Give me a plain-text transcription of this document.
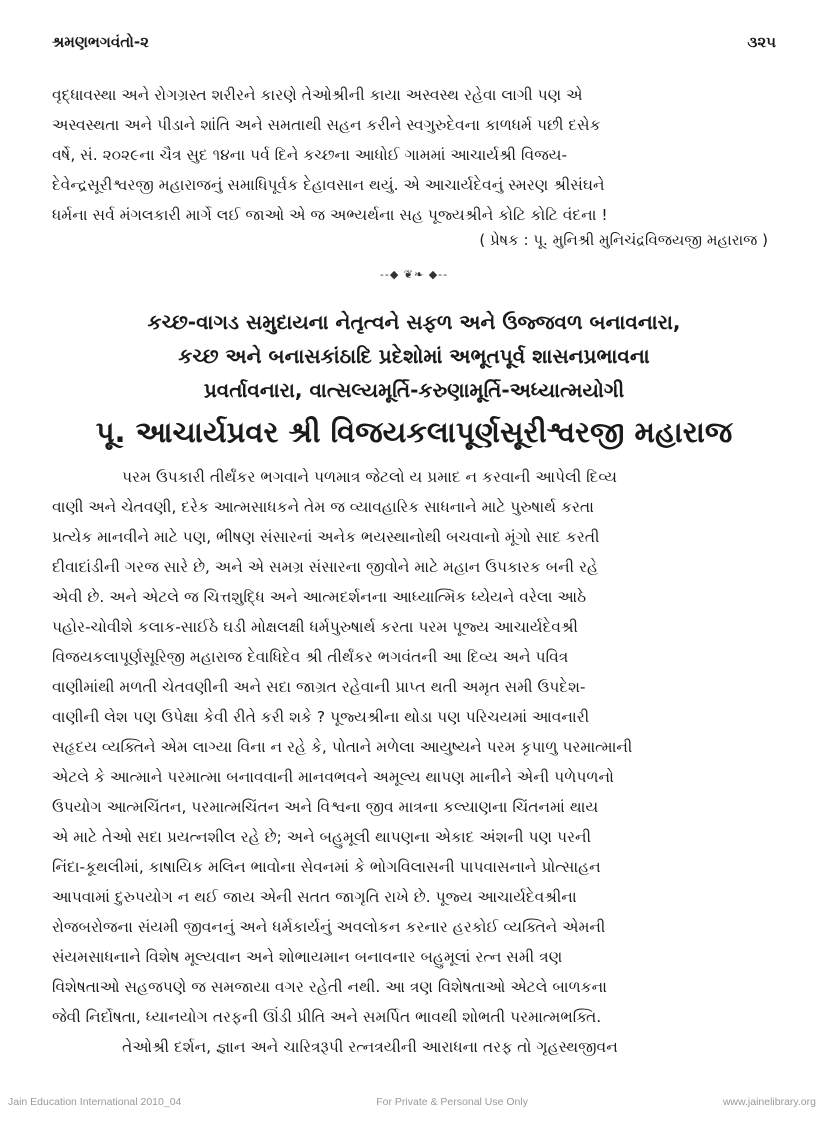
શ્રમણભગવંતો-૨	૩૨૫

વૃદ્ધાવસ્થા અને રોગગ્રસ્ત શરીરને કારણે તેઓશ્રીની કાયા અસ્વસ્થ રહેવા લાગી પણ એ

અસ્વસ્થતા અને પીડાને શાંતિ અને સમતાથી સહન કરીને સ્વગુરુદેવના કાળધર્મ પછી દસેક

વર્ષે, સં. ૨૦૨૯ના ચૈત્ર સુદ ૧૪ના પર્વ દિને કચ્છના આધોઈ ગામમાં આચાર્યશ્રી વિજય-

દેવેન્દ્રસૂરીશ્વરજી મહારાજનું સમાધિપૂર્વક દેહાવસાન થયું. એ આચાર્યદેવનું સ્મરણ શ્રીસંઘને

ધર્મના સર્વ મંગલકારી માર્ગે લઈ જાઓ એ જ અભ્યર્થના સહ પૂજ્યશ્રીને કોટિ કોટિ વંદના !

( પ્રેષક : પૂ. મુનિશ્રી મુનિચંદ્રવિજયજી મહારાજ )
--◆ ❦❧ ◆--
કચ્છ-વાગડ સમુદાયના નેતૃત્વને સફળ અને ઉજ્જવળ બનાવનારા,
કચ્છ અને બનાસકાંઠાદિ પ્રદેશોમાં અભૂતપૂર્વ શાસનપ્રભાવના
પ્રવર્તાવનારા, વાત્સલ્યમૂર્તિ-કરુણામૂર્તિ-અધ્યાત્મયોગી
પૂ. આચાર્યપ્રવર શ્રી વિજયકલાપૂર્ણસૂરીશ્વરજી મહારાજ

પરમ ઉપકારી તીર્થંકર ભગવાને પળમાત્ર જેટલો ય પ્રમાદ ન કરવાની આપેલી દિવ્ય

વાણી અને ચેતવણી, દરેક આત્મસાધકને તેમ જ વ્યાવહારિક સાધનાને માટે પુરુષાર્થ કરતા

પ્રત્યેક માનવીને માટે પણ, ભીષણ સંસારનાં અનેક ભયસ્થાનોથી બચવાનો મૂંગો સાદ કરતી

દીવાદાંડીની ગરજ સારે છે, અને એ સમગ્ર સંસારના જીવોને માટે મહાન ઉપકારક બની રહે

એવી છે. અને એટલે જ ચિત્તશુદ્ધિ અને આત્મદર્શનના આધ્યાત્મિક ધ્યેયને વરેલા આઠે

પહોર-ચોવીશે કલાક-સાઈઠે ઘડી મોક્ષલક્ષી ધર્મપુરુષાર્થ કરતા પરમ પૂજ્ય આચાર્યદેવશ્રી

વિજયકલાપૂર્ણસૂરિજી મહારાજ દેવાધિદેવ શ્રી તીર્થંકર ભગવંતની આ દિવ્ય અને પવિત્ર

વાણીમાંથી મળતી ચેતવણીની અને સદા જાગ્રત રહેવાની પ્રાપ્ત થતી અમૃત સમી ઉપદેશ-

વાણીની લેશ પણ ઉપેક્ષા કેવી રીતે કરી શકે ? પૂજ્યશ્રીના થોડા પણ પરિચયમાં આવનારી

સહૃદય વ્યક્તિને એમ લાગ્યા વિના ન રહે કે, પોતાને મળેલા આયુષ્યને પરમ કૃપાળુ પરમાત્માની

એટલે કે આત્માને પરમાત્મા બનાવવાની માનવભવને અમૂલ્ય થાપણ માનીને એની પળેપળનો

ઉપયોગ આત્મચિંતન, પરમાત્મચિંતન અને વિશ્વના જીવ માત્રના કલ્યાણના ચિંતનમાં થાય

એ માટે તેઓ સદા પ્રયત્નશીલ રહે છે; અને બહુમૂલી થાપણના એકાદ અંશની પણ પરની

નિંદા-કૂથલીમાં, કાષાયિક મલિન ભાવોના સેવનમાં કે ભોગવિલાસની પાપવાસનાને પ્રોત્સાહન

આપવામાં દુરુપયોગ ન થઈ જાય એની સતત જાગૃતિ રાખે છે. પૂજ્ય આચાર્યદેવશ્રીના

રોજબરોજના સંયમી જીવનનું અને ધર્મકાર્યનું અવલોકન કરનાર હરકોઈ વ્યક્તિને એમની

સંયમસાધનાને વિશેષ મૂલ્યવાન અને શોભાયમાન બનાવનાર બહુમૂલાં રત્ન સમી ત્રણ

વિશેષતાઓ સહજપણે જ સમજાયા વગર રહેતી નથી. આ ત્રણ વિશેષતાઓ એટલે બાળકના

જેવી નિર્દોષતા, ધ્યાનયોગ તરફની ઊંડી પ્રીતિ અને સમર્પિત ભાવથી શોભતી પરમાત્મભક્તિ.

તેઓશ્રી દર્શન, જ્ઞાન અને ચારિત્રરૂપી રત્નત્રયીની આરાધના તરફ તો ગૃહસ્થજીવન

Jain Education International 2010_04	For Private & Personal Use Only	www.jainelibrary.org
